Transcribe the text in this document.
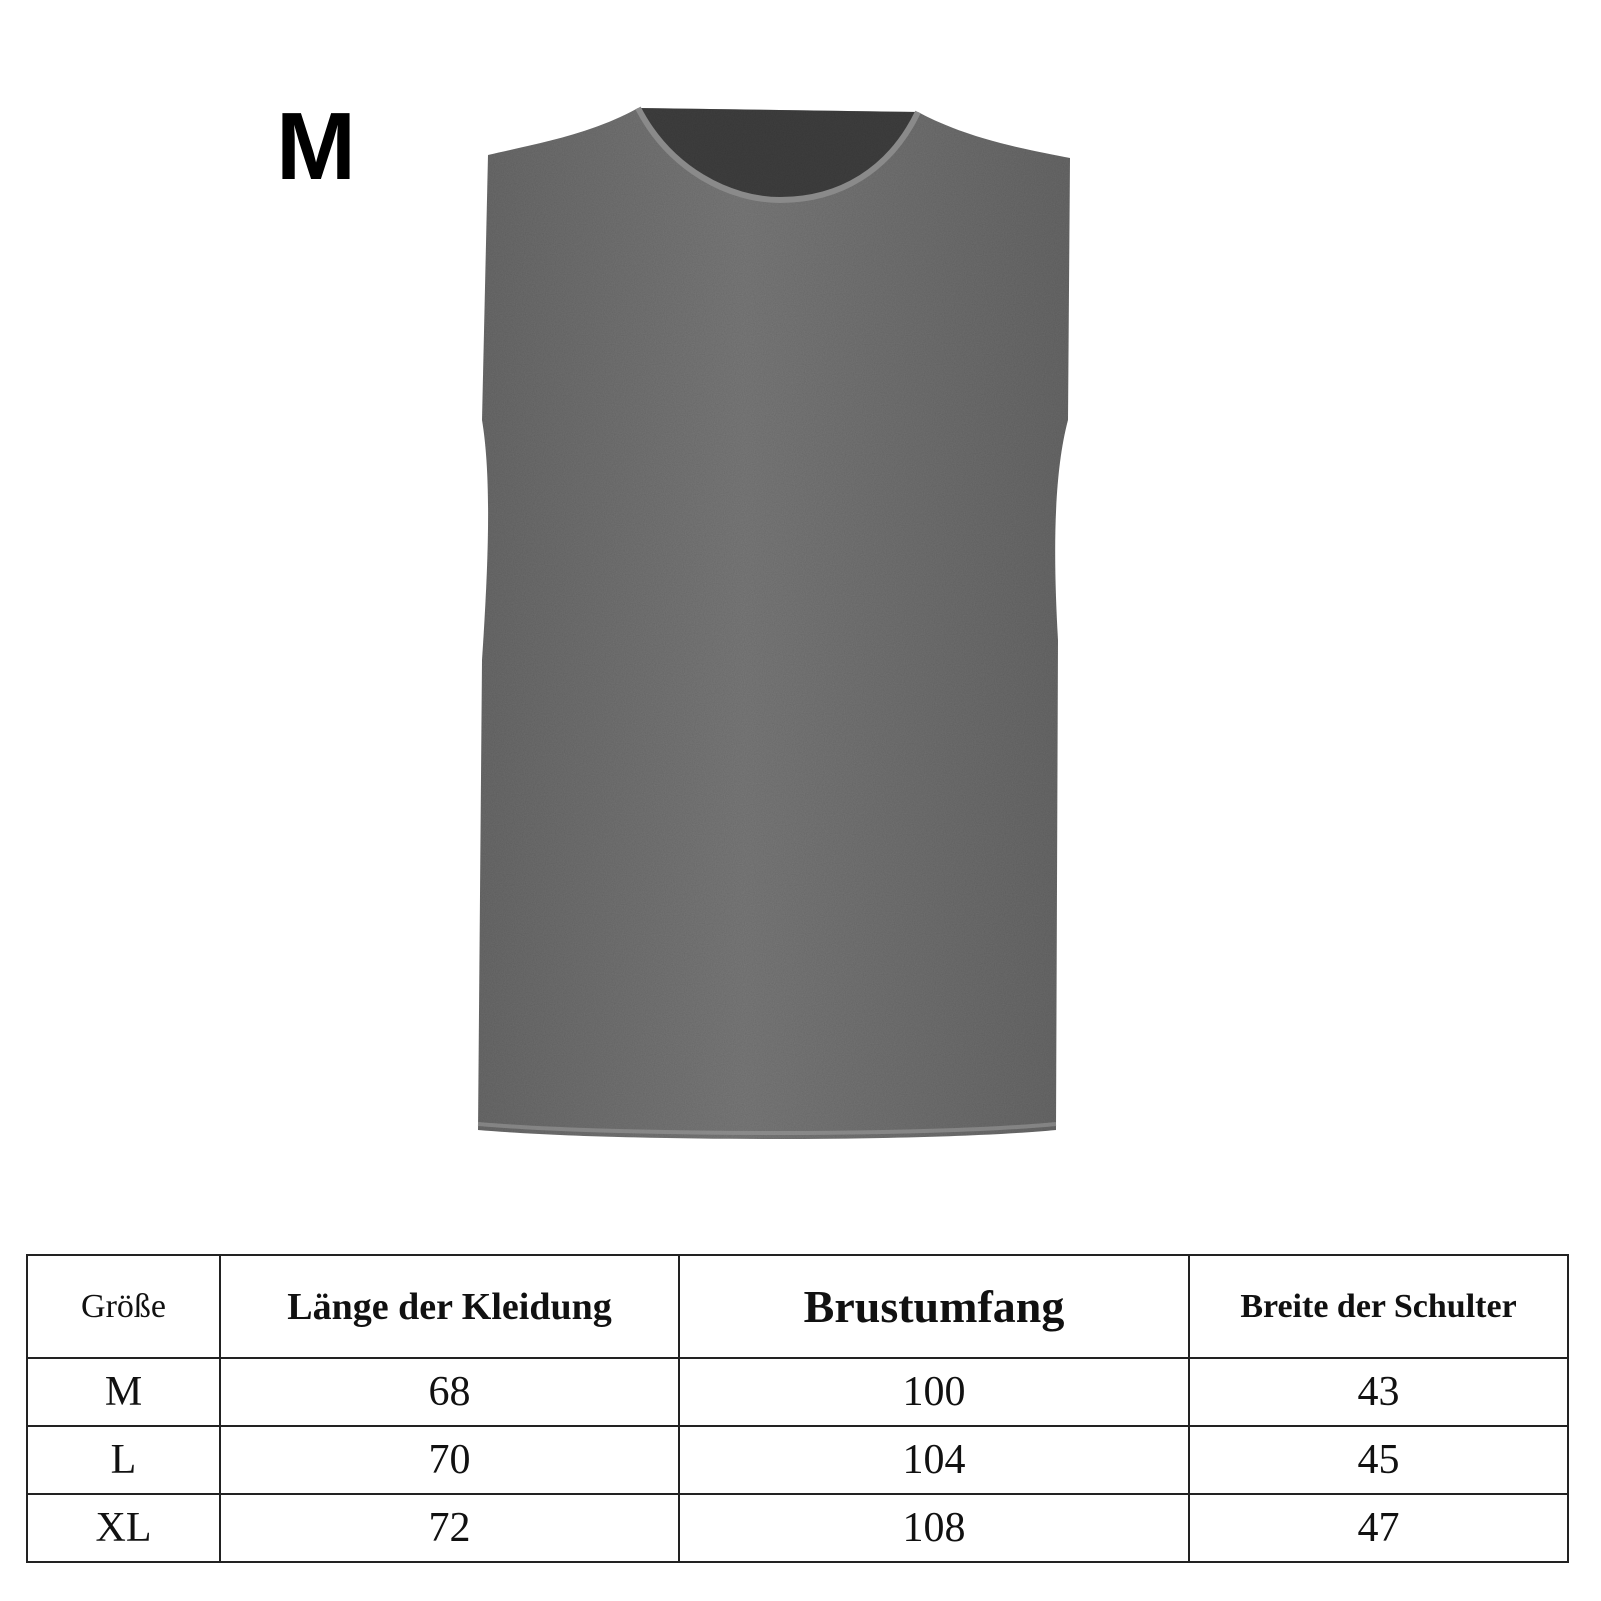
M
Größe	Länge der Kleidung	Brustumfang	Breite der Schulter
M	68	100	43
L	70	104	45
XL	72	108	47
